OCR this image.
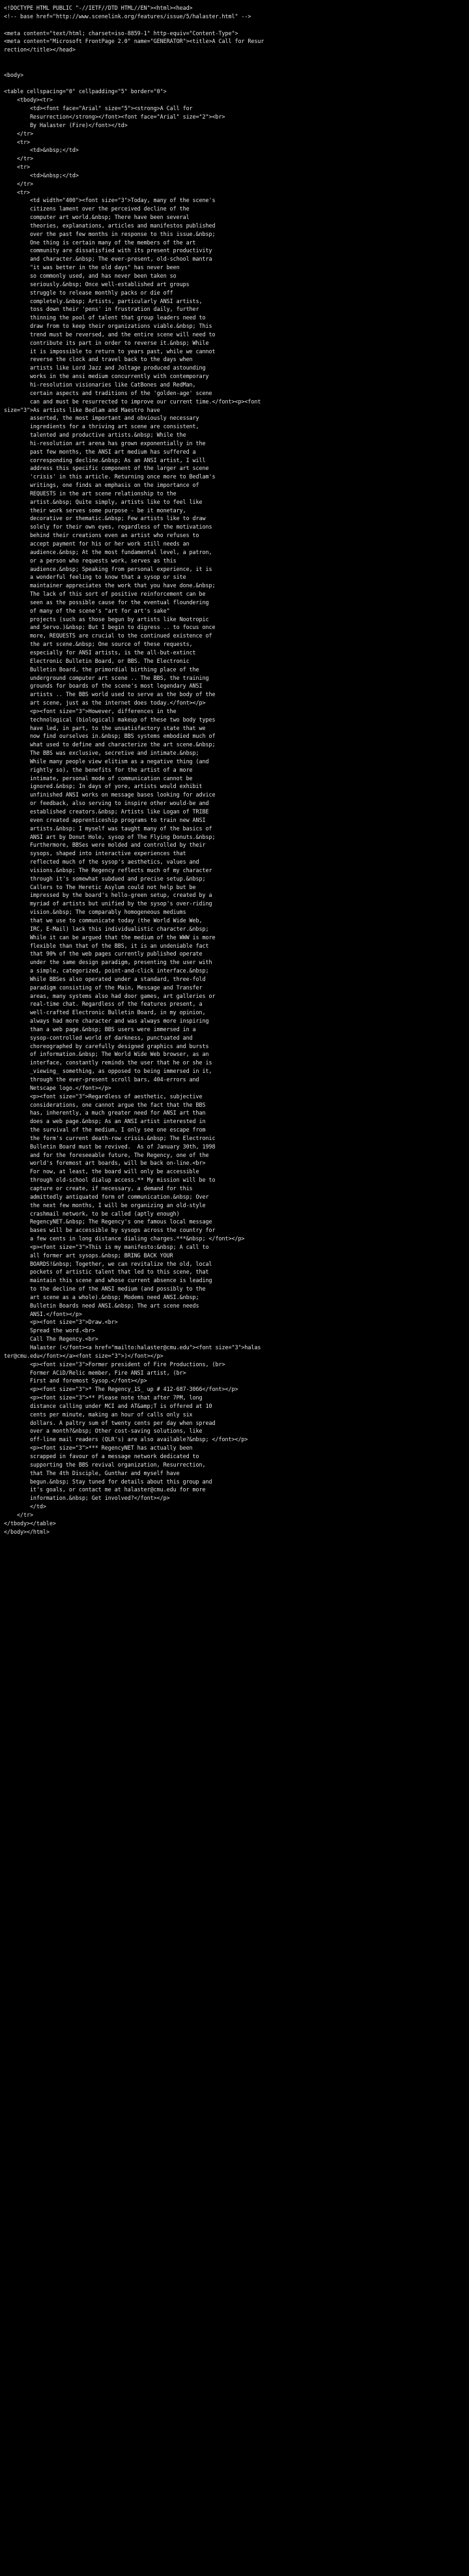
<!DOCTYPE HTML PUBLIC "-//IETF//DTD HTML//EN"><html><head>
<!-- base href="http://www.scenelink.org/features/issue/5/halaster.html" -->

<meta content="text/html; charset=iso-8859-1" http-equiv="Content-Type">
<meta content="Microsoft FrontPage 2.0" name="GENERATOR"><title>A Call for Resur
rection</title></head>

<body>

<table cellspacing="0" cellpadding="5" border="0">
<tbody><tr>
<td><font face="Arial" size="5"><strong>A Call for
Resurrection</strong></font><font face="Arial" size="2"><br>
By Halaster (Fire)</font></td>
</tr>
<tr>
<td>&nbsp;</td>
</tr>
<tr>
<td>&nbsp;</td>
</tr>
<tr>
<td width="400"><font size="3">Today, many of the scene's
citizens lament over the perceived decline of the
computer art world.&nbsp; There have been several
theories, explanations, articles and manifestos published
over the past few months in response to this issue.&nbsp;
One thing is certain many of the members of the art
community are dissatisfied with its present productivity
and character.&nbsp; The ever-present, old-school mantra
"it was better in the old days" has never been
so commonly used, and has never been taken so
seriously.&nbsp; Once well-established art groups
struggle to release monthly packs or die off
completely.&nbsp; Artists, particularly ANSI artists,
toss down their 'pens' in frustration daily, further
thinning the pool of talent that group leaders need to
draw from to keep their organizations viable.&nbsp; This
trend must be reversed, and the entire scene will need to
contribute its part in order to reverse it.&nbsp; While
it is impossible to return to years past, while we cannot
reverse the clock and travel back to the days when
artists like Lord Jazz and Joltage produced astounding
works in the ansi medium concurrently with contemporary
hi-resolution visionaries like CatBones and RedMan,
certain aspects and traditions of the 'golden-age' scene
can and must be resurrected to improve our current time.</font><p><font
size="3">As artists like Bedlam and Maestro have
asserted, the most important and obviously necessary
ingredients for a thriving art scene are consistent,
talented and productive artists.&nbsp; While the
hi-resolution art arena has grown exponentially in the
past few months, the ANSI art medium has suffered a
corresponding decline.&nbsp; As an ANSI artist, I will
address this specific component of the larger art scene
'crisis' in this article. Returning once more to Bedlam's
writings, one finds an emphasis on the importance of
REQUESTS in the art scene relationship to the
artist.&nbsp; Quite simply, artists like to feel like
their work serves some purpose - be it monetary,
decorative or thematic.&nbsp; Few artists like to draw
solely for their own eyes, regardless of the motivations
behind their creations even an artist who refuses to
accept payment for his or her work still needs an
audience.&nbsp; At the most fundamental level, a patron,
or a person who requests work, serves as this
audience.&nbsp; Speaking from personal experience, it is
a wonderful feeling to know that a sysop or site
maintainer appreciates the work that you have done.&nbsp;
The lack of this sort of positive reinforcement can be
seen as the possible cause for the eventual floundering
of many of the scene's "art for art's sake"
projects (such as those begun by artists like Nootropic
and Servo.)&nbsp; But I begin to digress .. to focus once
more, REQUESTS are crucial to the continued existence of
the art scene.&nbsp; One source of these requests,
especially for ANSI artists, is the all-but-extinct
Electronic Bulletin Board, or BBS. The Electronic
Bulletin Board, the primordial birthing place of the
underground computer art scene .. The BBS, the training
grounds for boards of the scene's most legendary ANSI
artists .. The BBS world used to serve as the body of the
art scene, just as the internet does today.</font></p>
<p><font size="3">However, differences in the
technological (biological) makeup of these two body types
have led, in part, to the unsatisfactory state that we
now find ourselves in.&nbsp; BBS systems embodied much of
what used to define and characterize the art scene.&nbsp;
The BBS was exclusive, secretive and intimate.&nbsp;
While many people view elitism as a negative thing (and
rightly so), the benefits for the artist of a more
intimate, personal mode of communication cannot be
ignored.&nbsp; In days of yore, artists would exhibit
unfinished ANSI works on message bases looking for advice
or feedback, also serving to inspire other would-be and
established creators.&nbsp; Artists like Logan of TRIBE
even created apprenticeship programs to train new ANSI
artists.&nbsp; I myself was taught many of the basics of
ANSI art by Donut Hole, sysop of The Flying Donuts.&nbsp;
Furthermore, BBSes were molded and controlled by their
sysops, shaped into interactive experiences that
reflected much of the sysop's aesthetics, values and
visions.&nbsp; The Regency reflects much of my character
through it's somewhat subdued and precise setup.&nbsp;
Callers to The Heretic Asylum could not help but be
impressed by the board's hello-green setup, created by a
myriad of artists but unified by the sysop's over-riding
vision.&nbsp; The comparably homogeneous mediums
that we use to communicate today (the World Wide Web,
IRC, E-Mail) lack this individualistic character.&nbsp;
While it can be argued that the medium of the WWW is more
flexible than that of the BBS, it is an undeniable fact
that 90% of the web pages currently published operate
under the same design paradigm, presenting the user with
a simple, categorized, point-and-click interface.&nbsp;
While BBSes also operated under a standard, three-fold
paradigm consisting of the Main, Message and Transfer
areas, many systems also had door games, art galleries or
real-time chat. Regardless of the features present, a
well-crafted Electronic Bulletin Board, in my opinion,
always had more character and was always more inspiring
than a web page.&nbsp; BBS users were immersed in a
sysop-controlled world of darkness, punctuated and
choreographed by carefully designed graphics and bursts
of information.&nbsp; The World Wide Web browser, as an
interface, constantly reminds the user that he or she is
_viewing_ something, as opposed to being immersed in it,
through the ever-present scroll bars, 404-errors and
Netscape logo.</font></p>
<p><font size="3">Regardless of aesthetic, subjective
considerations, one cannot argue the fact that the BBS
has, inherently, a much greater need for ANSI art than
does a web page.&nbsp; As an ANSI artist interested in
the survival of the medium, I only see one escape from
the form's current death-row crisis.&nbsp; The Electronic
Bulletin Board must be revived.  As of January 30th, 1998
and for the foreseeable future, The Regency, one of the
world's foremost art boards, will be back on-line.<br>
For now, at least, the board will only be accessible
through old-school dialup access.** My mission will be to
capture or create, if necessary, a demand for this
admittedly antiquated form of communication.&nbsp; Over
the next few months, I will be organizing an old-style
crashmail network, to be called (aptly enough)
RegencyNET.&nbsp; The Regency's one famous local message
bases will be accessible by sysops across the country for
a few cents in long distance dialing charges.***&nbsp; </font></p>
<p><font size="3">This is my manifesto:&nbsp; A call to
all former art sysops.&nbsp; BRING BACK YOUR
BOARDS!&nbsp; Together, we can revitalize the old, local
pockets of artistic talent that led to this scene, that
maintain this scene and whose current absence is leading
to the decline of the ANSI medium (and possibly to the
art scene as a whole).&nbsp; Modems need ANSI.&nbsp;
Bulletin Boards need ANSI.&nbsp; The art scene needs
ANSI.</font></p>
<p><font size="3">Draw.<br>
Spread the word.<br>
Call The Regency.<br>
Halaster (</font><a href="mailto:halaster@cmu.edu"><font size="3">halas
ter@cmu.edu</font></a><font size="3">)</font></p>
<p><font size="3">Former president of Fire Productions, (br>
Former ACiD/Relic member, Fire ANSI artist, (br>
First and foremost Sysop.</font></p>
<p><font size="3">* The Regency_1S_ up # 412-687-3066</font></p>
<p><font size="3">** Please note that after 7PM, long
distance calling under MCI and AT&amp;T is offered at 10
cents per minute, making an hour of calls only six
dollars. A paltry sum of twenty cents per day when spread
over a month?&nbsp; Other cost-saving solutions, like
off-line mail readers (QLR's) are also available?&nbsp; </font></p>
<p><font size="3">*** RegencyNET has actually been
scrapped in favour of a message network dedicated to
supporting the BBS revival organization, Resurrection,
that The 4th Disciple, Gunthar and myself have
begun.&nbsp; Stay tuned for details about this group and
it's goals, or contact me at halaster@cmu.edu for more
information.&nbsp; Get involved?</font></p>
</td>
</tr>
</tbody></table>
</body></html>
